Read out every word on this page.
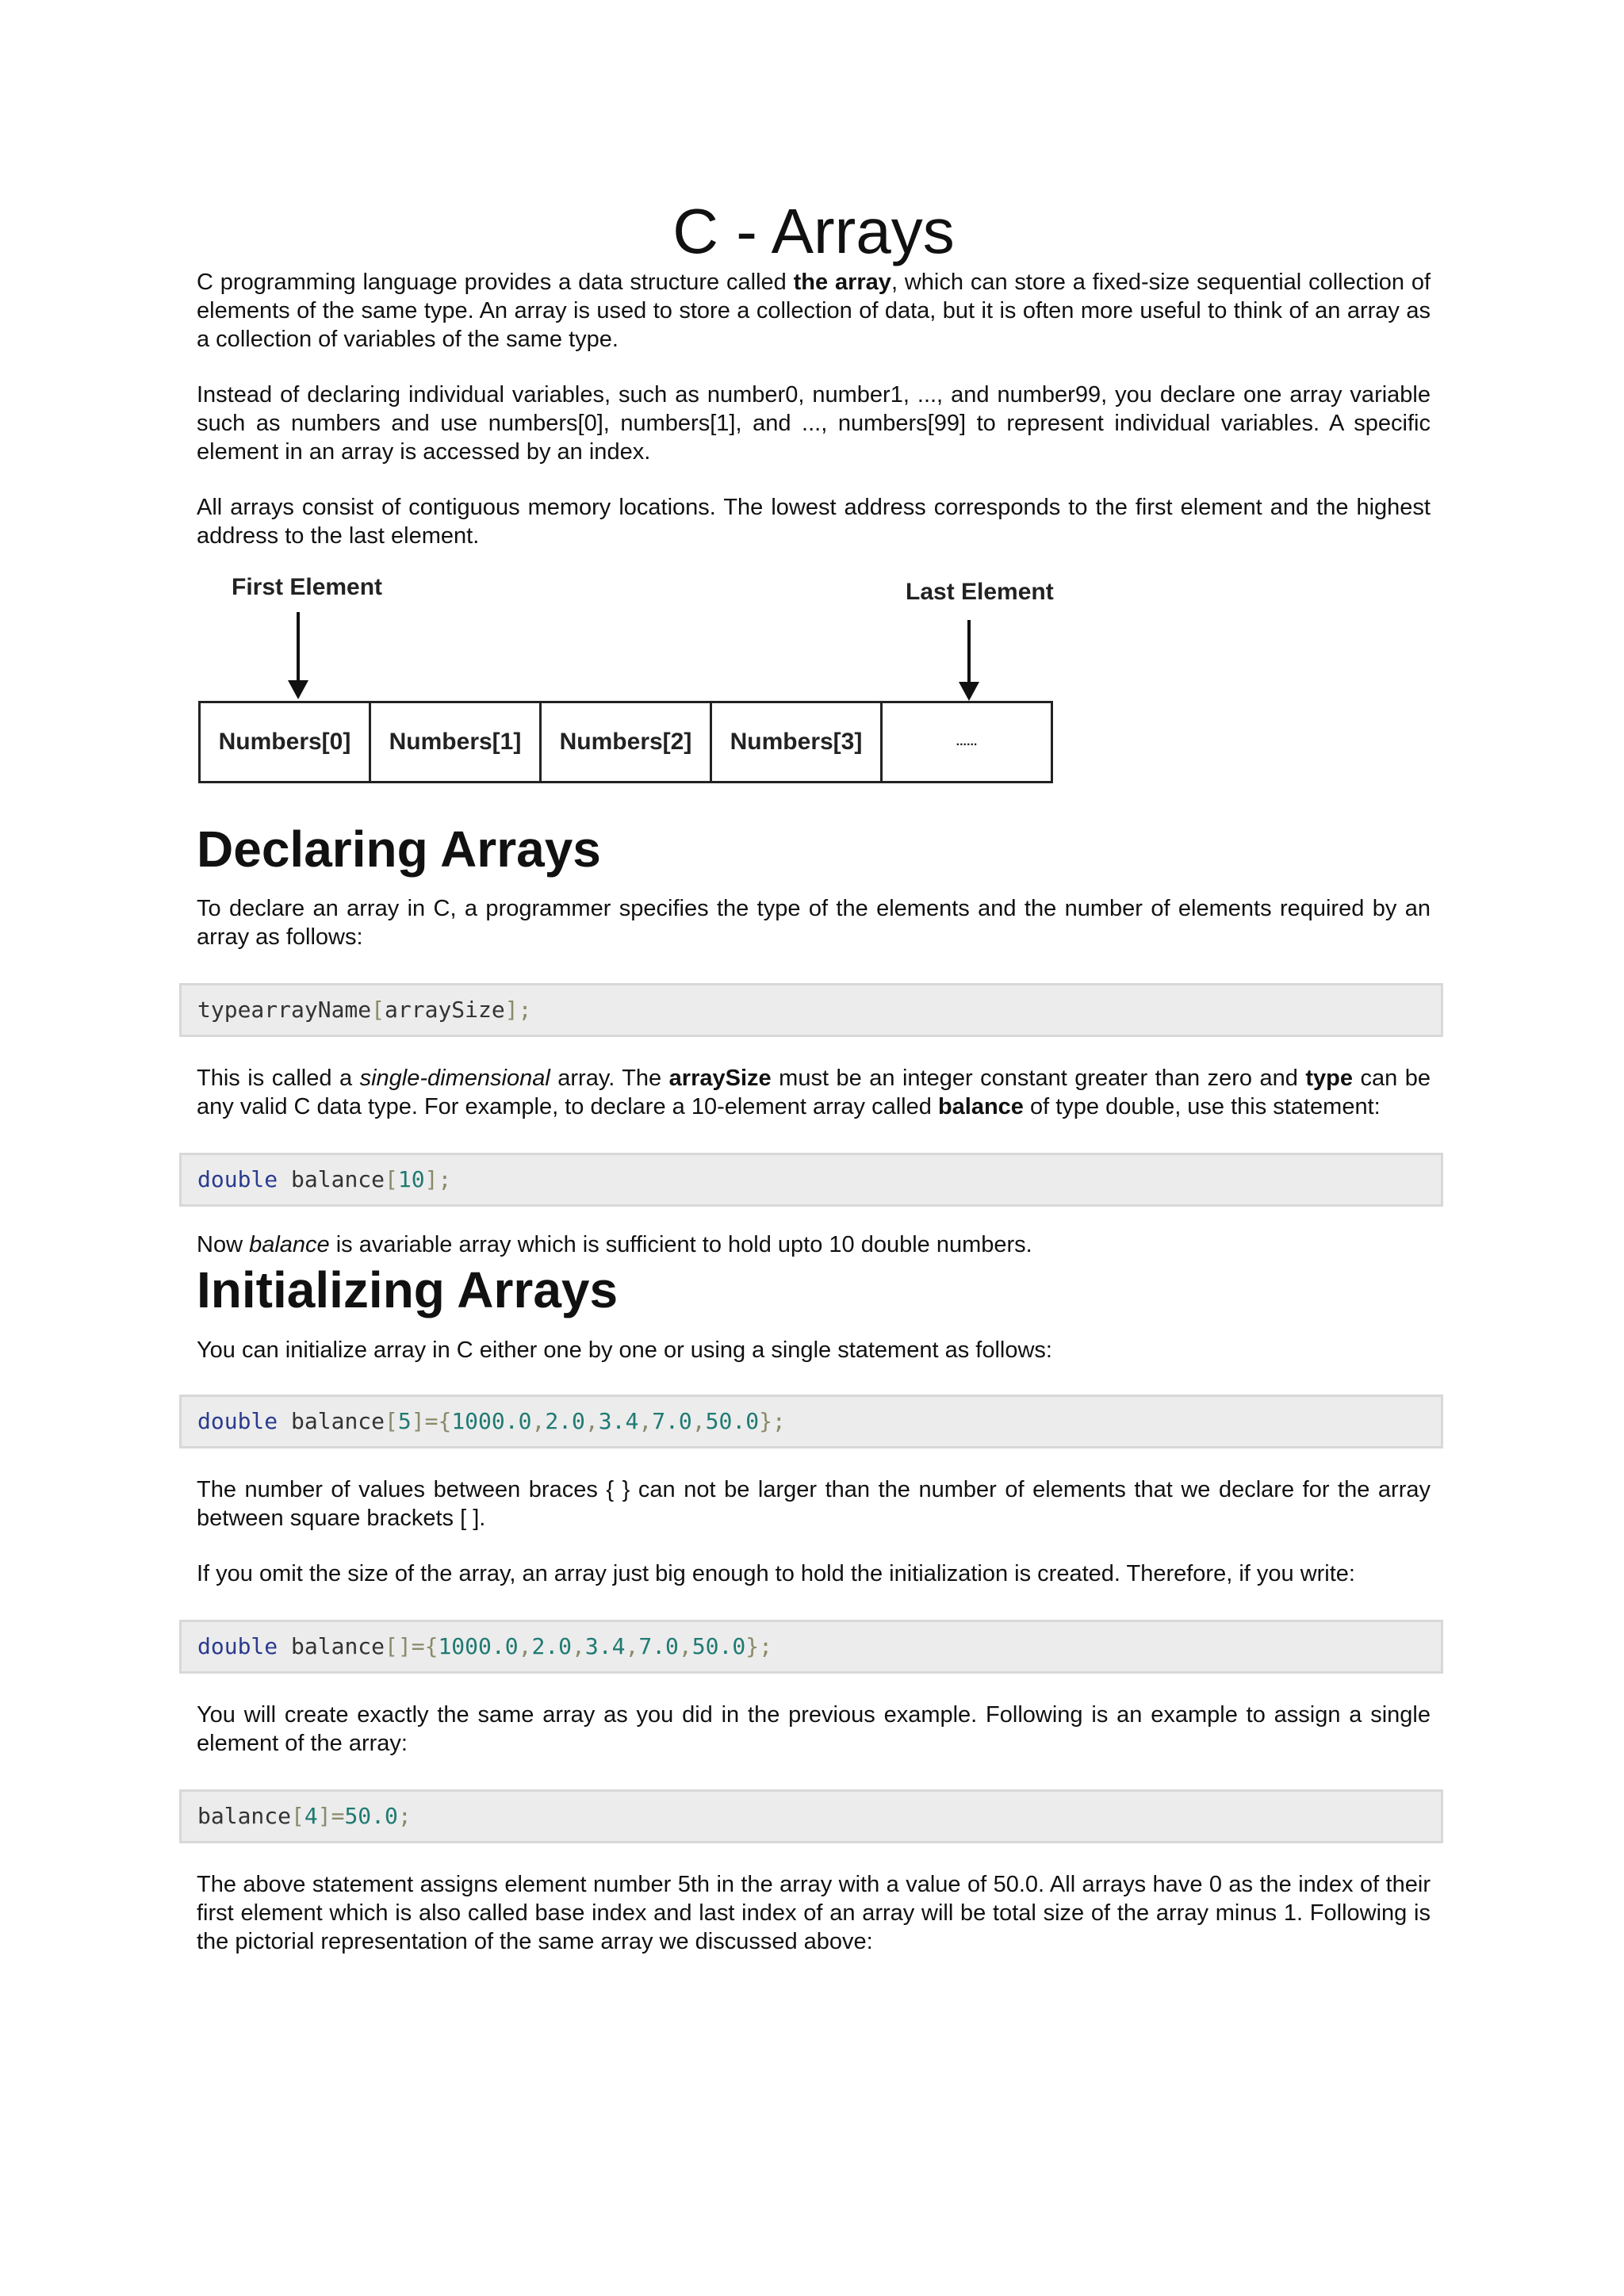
C - Arrays

C programming language provides a data structure called the array, which can store a fixed-size sequential collection of elements of the same type. An array is used to store a collection of data, but it is often more useful to think of an array as a collection of variables of the same type.

Instead of declaring individual variables, such as number0, number1, ..., and number99, you declare one array variable such as numbers and use numbers[0], numbers[1], and ..., numbers[99] to represent individual variables. A specific element in an array is accessed by an index.

All arrays consist of contiguous memory locations. The lowest address corresponds to the first element and the highest address to the last element.

First Element	Last Element
Numbers[0]	Numbers[1]	Numbers[2]	Numbers[3]	......
Declaring Arrays

To declare an array in C, a programmer specifies the type of the elements and the number of elements required by an array as follows:

typearrayName[arraySize];

This is called a single-dimensional array. The arraySize must be an integer constant greater than zero and type can be any valid C data type. For example, to declare a 10-element array called balance of type double, use this statement:

double balance[10];

Now balance is avariable array which is sufficient to hold upto 10 double numbers.

Initializing Arrays

You can initialize array in C either one by one or using a single statement as follows:

double balance[5]={1000.0,2.0,3.4,7.0,50.0};

The number of values between braces { } can not be larger than the number of elements that we declare for the array between square brackets [ ].

If you omit the size of the array, an array just big enough to hold the initialization is created. Therefore, if you write:

double balance[]={1000.0,2.0,3.4,7.0,50.0};

You will create exactly the same array as you did in the previous example. Following is an example to assign a single element of the array:

balance[4]=50.0;

The above statement assigns element number 5th in the array with a value of 50.0. All arrays have 0 as the index of their first element which is also called base index and last index of an array will be total size of the array minus 1. Following is the pictorial representation of the same array we discussed above:
